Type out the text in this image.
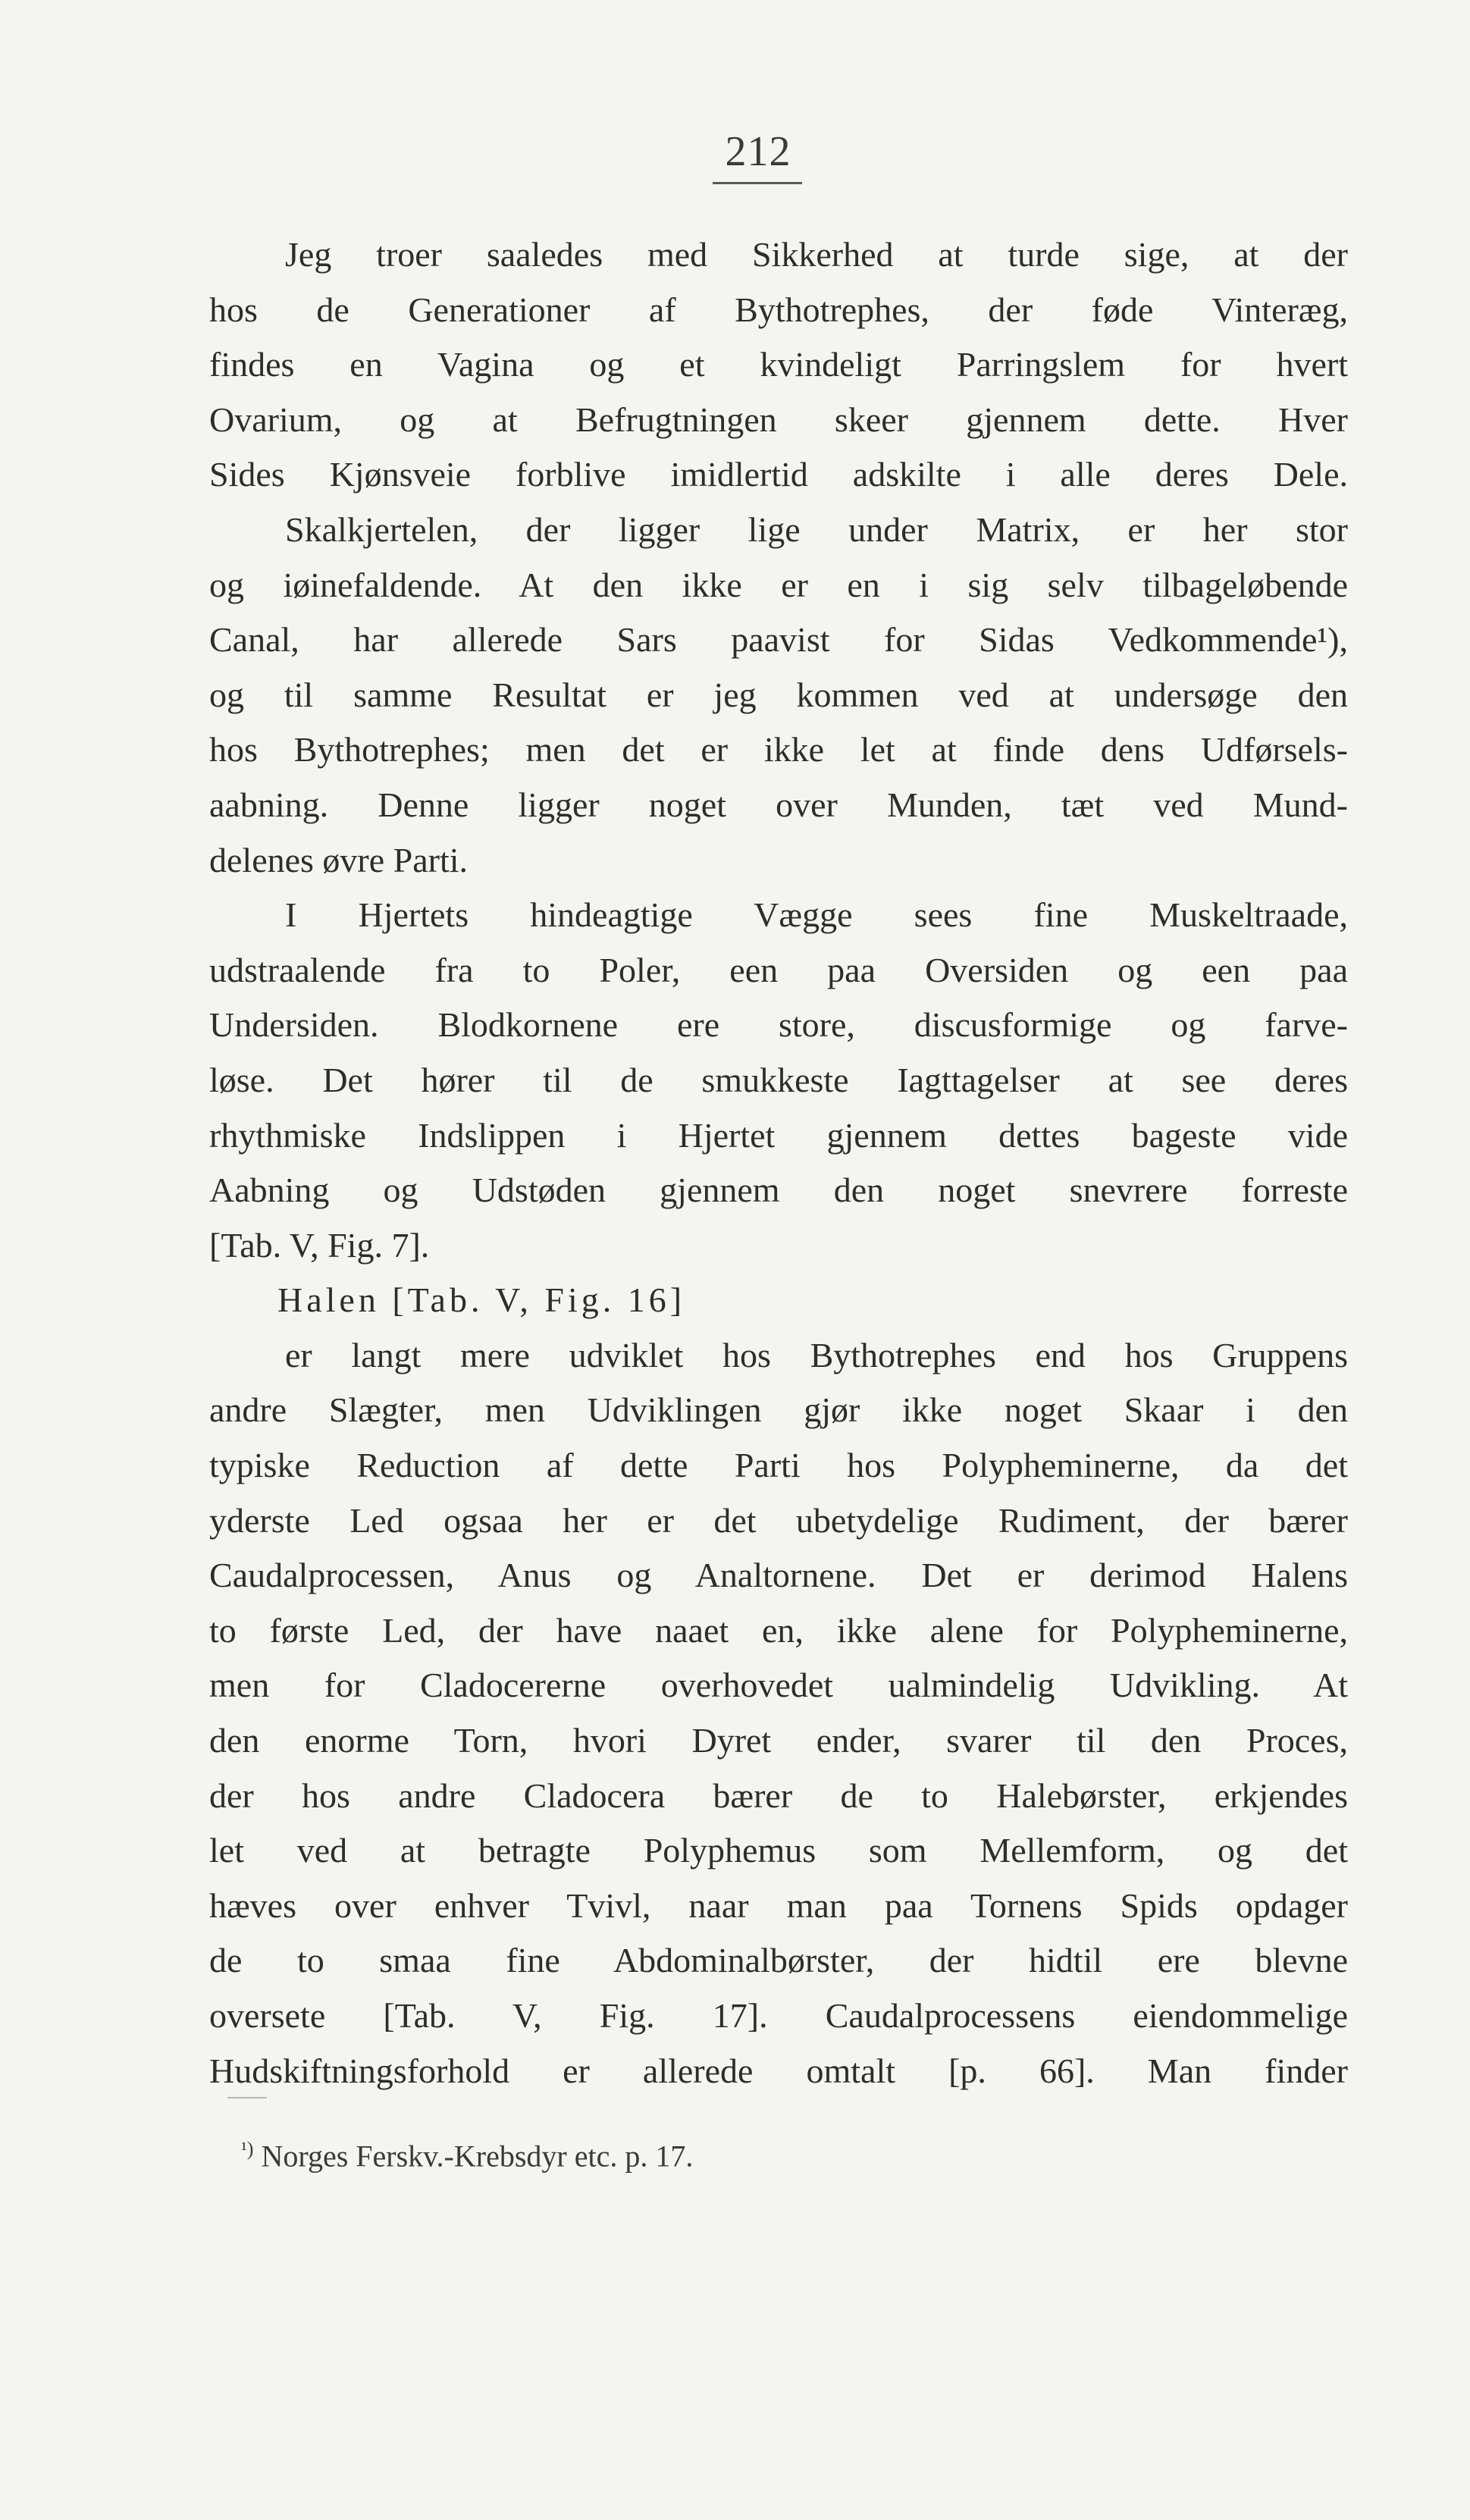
212
Jeg troer saaledes med Sikkerhed at turde sige, at der
hos de Generationer af Bythotrephes, der føde Vinteræg,
findes en Vagina og et kvindeligt Parringslem for hvert
Ovarium, og at Befrugtningen skeer gjennem dette. Hver
Sides Kjønsveie forblive imidlertid adskilte i alle deres Dele.
Skalkjertelen, der ligger lige under Matrix, er her stor
og iøinefaldende. At den ikke er en i sig selv tilbageløbende
Canal, har allerede Sars paavist for Sidas Vedkommende¹),
og til samme Resultat er jeg kommen ved at undersøge den
hos Bythotrephes; men det er ikke let at finde dens Udførsels-
aabning. Denne ligger noget over Munden, tæt ved Mund-
delenes øvre Parti.
I Hjertets hindeagtige Vægge sees fine Muskeltraade,
udstraalende fra to Poler, een paa Oversiden og een paa
Undersiden. Blodkornene ere store, discusformige og farve-
løse. Det hører til de smukkeste Iagttagelser at see deres
rhythmiske Indslippen i Hjertet gjennem dettes bageste vide
Aabning og Udstøden gjennem den noget snevrere forreste
[Tab. V, Fig. 7].
Halen [Tab. V, Fig. 16]
er langt mere udviklet hos Bythotrephes end hos Gruppens
andre Slægter, men Udviklingen gjør ikke noget Skaar i den
typiske Reduction af dette Parti hos Polypheminerne, da det
yderste Led ogsaa her er det ubetydelige Rudiment, der bærer
Caudalprocessen, Anus og Analtornene. Det er derimod Halens
to første Led, der have naaet en, ikke alene for Polypheminerne,
men for Cladocererne overhovedet ualmindelig Udvikling. At
den enorme Torn, hvori Dyret ender, svarer til den Proces,
der hos andre Cladocera bærer de to Halebørster, erkjendes
let ved at betragte Polyphemus som Mellemform, og det
hæves over enhver Tvivl, naar man paa Tornens Spids opdager
de to smaa fine Abdominalbørster, der hidtil ere blevne
oversete [Tab. V, Fig. 17]. Caudalprocessens eiendommelige
Hudskiftningsforhold er allerede omtalt [p. 66]. Man finder
$^{^1)}$ Norges Ferskv.-Krebsdyr etc. p. 17.
